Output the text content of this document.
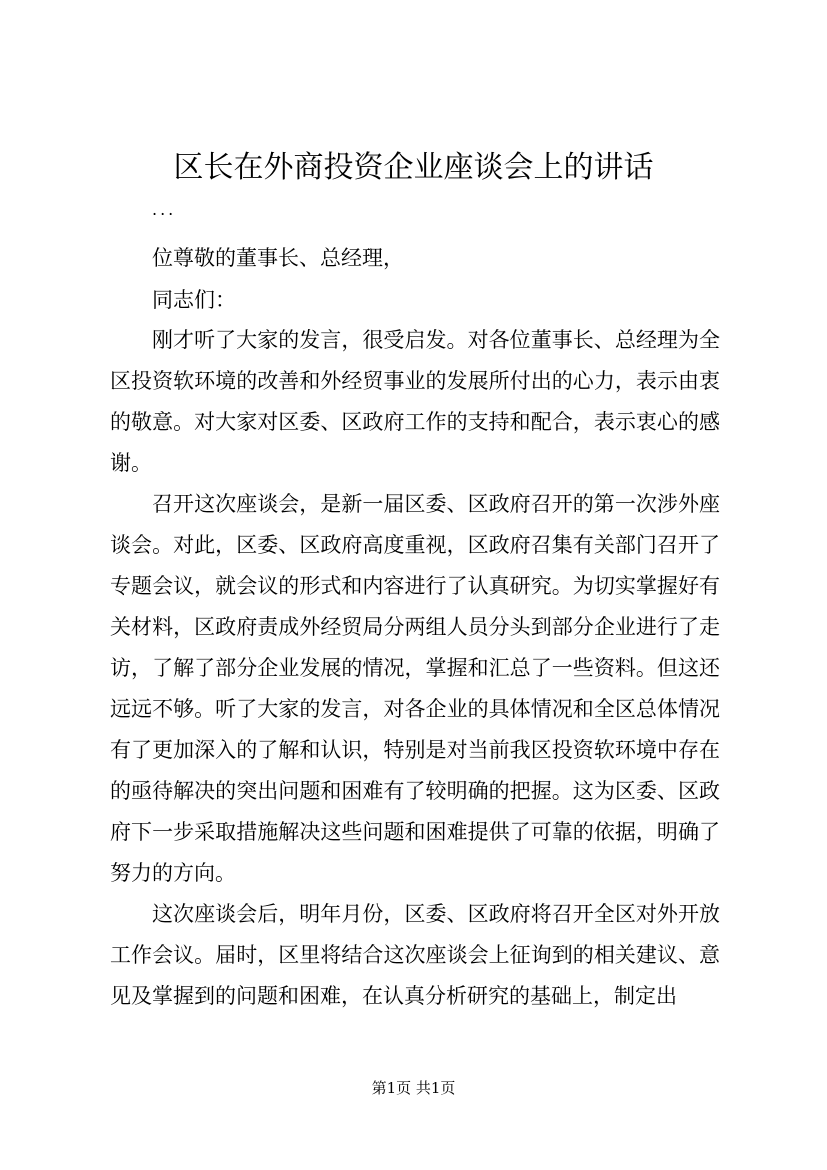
区长在外商投资企业座谈会上的讲话
...
位尊敬的董事长、总经理，
同志们：

刚才听了大家的发言，很受启发。对各位董事长、总经理为全区投资软环境的改善和外经贸事业的发展所付出的心力，表示由衷的敬意。对大家对区委、区政府工作的支持和配合，表示衷心的感谢。

召开这次座谈会，是新一届区委、区政府召开的第一次涉外座谈会。对此，区委、区政府高度重视，区政府召集有关部门召开了专题会议，就会议的形式和内容进行了认真研究。为切实掌握好有关材料，区政府责成外经贸局分两组人员分头到部分企业进行了走访，了解了部分企业发展的情况，掌握和汇总了一些资料。但这还远远不够。听了大家的发言，对各企业的具体情况和全区总体情况有了更加深入的了解和认识，特别是对当前我区投资软环境中存在的亟待解决的突出问题和困难有了较明确的把握。这为区委、区政府下一步采取措施解决这些问题和困难提供了可靠的依据，明确了努力的方向。

这次座谈会后，明年月份，区委、区政府将召开全区对外开放工作会议。届时，区里将结合这次座谈会上征询到的相关建议、意见及掌握到的问题和困难，在认真分析研究的基础上，制定出

第1页 共1页
